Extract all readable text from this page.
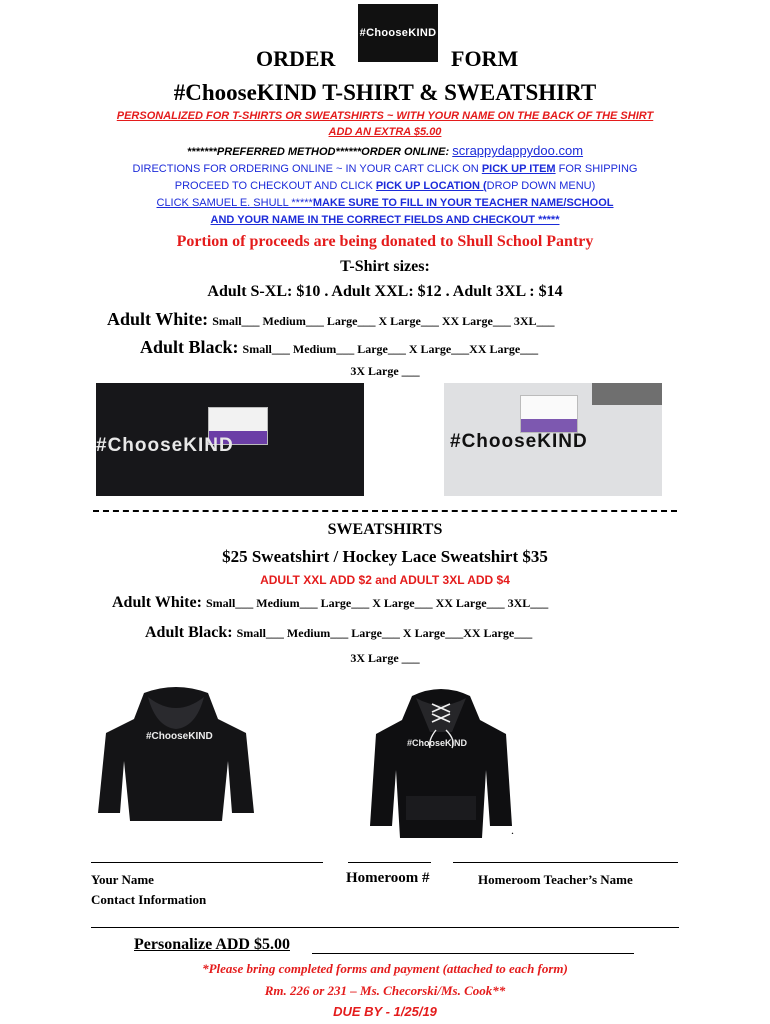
#ChooseKIND
ORDER	FORM
#ChooseKIND T-SHIRT & SWEATSHIRT
PERSONALIZED FOR T-SHIRTS OR SWEATSHIRTS ~ WITH YOUR NAME ON THE BACK OF THE SHIRT
ADD AN EXTRA $5.00
*******PREFERRED METHOD******ORDER ONLINE: scrappydappydoo.com
DIRECTIONS FOR ORDERING ONLINE ~ IN YOUR CART CLICK ON PICK UP ITEM FOR SHIPPING
PROCEED TO CHECKOUT AND CLICK PICK UP LOCATION (DROP DOWN MENU)
CLICK SAMUEL E. SHULL *****MAKE SURE TO FILL IN YOUR TEACHER NAME/SCHOOL
AND YOUR NAME IN THE CORRECT FIELDS AND CHECKOUT *****
Portion of proceeds are being donated to Shull School Pantry
T-Shirt sizes:
Adult S-XL: $10 . Adult XXL: $12 . Adult 3XL : $14
Adult White: Small___ Medium___ Large___ X Large___ XX Large___ 3XL___
Adult Black: Small___ Medium___ Large___ X Large___XX Large___
3X Large ___
#ChooseKIND	#ChooseKIND
SWEATSHIRTS
$25 Sweatshirt / Hockey Lace Sweatshirt $35
ADULT XXL ADD $2 and ADULT 3XL ADD $4
Adult White: Small___ Medium___ Large___ X Large___ XX Large___ 3XL___
Adult Black: Small___ Medium___ Large___ X Large___XX Large___
3X Large ___
#ChooseKIND
#ChooseKIND
.
Your Name	Homeroom #	Homeroom Teacher’s Name
Contact Information
Personalize ADD $5.00
*Please bring completed forms and payment (attached to each form)
Rm. 226 or 231 – Ms. Checorski/Ms. Cook**
DUE BY - 1/25/19
